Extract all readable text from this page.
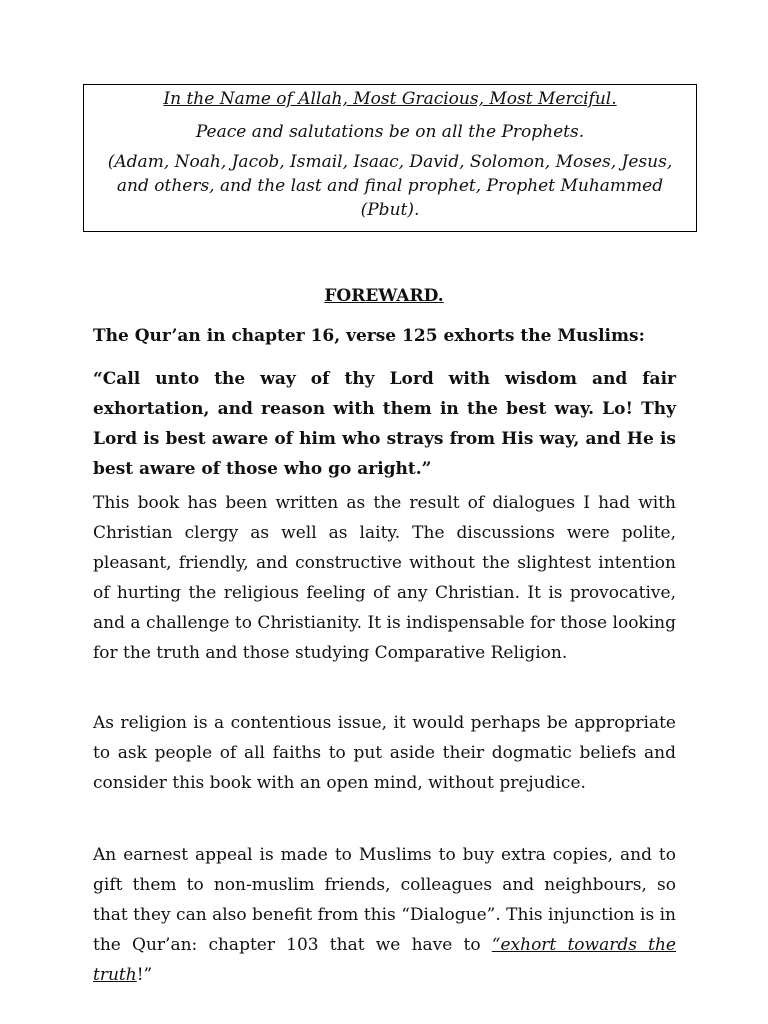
In the Name of Allah, Most Gracious, Most Merciful.

Peace and salutations be on all the Prophets.

(Adam, Noah, Jacob, Ismail, Isaac, David, Solomon, Moses, Jesus, and others, and the last and final prophet, Prophet Muhammed (Pbut).

FOREWARD.
The Qur’an in chapter 16, verse 125 exhorts the Muslims:
“Call unto the way of thy Lord with wisdom and fair exhortation, and reason with them in the best way. Lo! Thy Lord is best aware of him who strays from His way, and He is best aware of those who go aright.”

This book has been written as the result of dialogues I had with Christian clergy as well as laity. The discussions were polite, pleasant, friendly, and constructive without the slightest intention of hurting the religious feeling of any Christian. It is provocative, and a challenge to Christianity. It is indispensable for those looking for the truth and those studying Comparative Religion.

As religion is a contentious issue, it would perhaps be appropriate to ask people of all faiths to put aside their dogmatic beliefs and consider this book with an open mind, without prejudice.

An earnest appeal is made to Muslims to buy extra copies, and to gift them to non-muslim friends, colleagues and neighbours, so that they can also benefit from this “Dialogue”. This injunction is in the Qur’an: chapter 103 that we have to “exhort towards the truth!”
